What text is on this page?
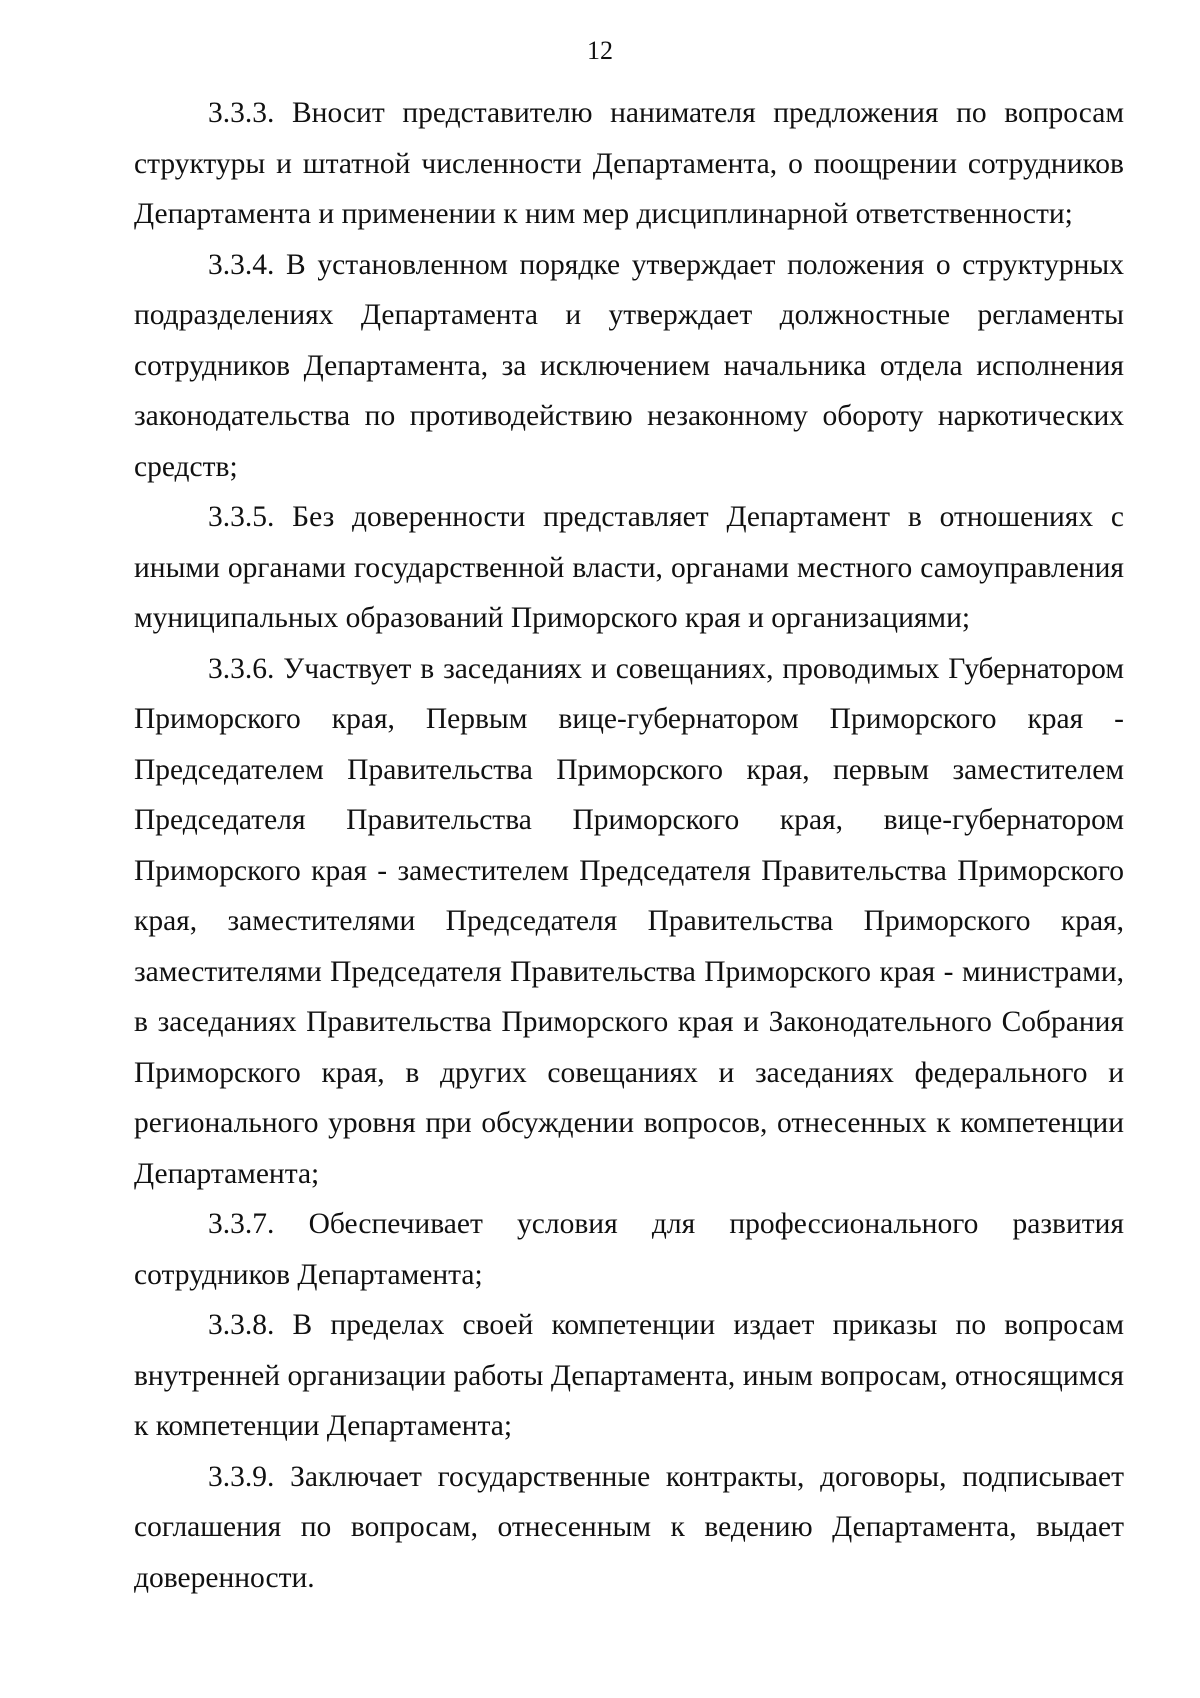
12

3.3.3. Вносит представителю нанимателя предложения по вопросам структуры и штатной численности Департамента, о поощрении сотрудников Департамента и применении к ним мер дисциплинарной ответственности;

3.3.4. В установленном порядке утверждает положения о структурных подразделениях Департамента и утверждает должностные регламенты сотрудников Департамента, за исключением начальника отдела исполнения законодательства по противодействию незаконному обороту наркотических средств;

3.3.5. Без доверенности представляет Департамент в отношениях с иными органами государственной власти, органами местного самоуправления муниципальных образований Приморского края и организациями;

3.3.6. Участвует в заседаниях и совещаниях, проводимых Губернатором Приморского края, Первым вице-губернатором Приморского края - Председателем Правительства Приморского края, первым заместителем Председателя Правительства Приморского края, вице-губернатором Приморского края - заместителем Председателя Правительства Приморского края, заместителями Председателя Правительства Приморского края, заместителями Председателя Правительства Приморского края - министрами, в заседаниях Правительства Приморского края и Законодательного Собрания Приморского края, в других совещаниях и заседаниях федерального и регионального уровня при обсуждении вопросов, отнесенных к компетенции Департамента;

3.3.7. Обеспечивает условия для профессионального развития сотрудников Департамента;

3.3.8. В пределах своей компетенции издает приказы по вопросам внутренней организации работы Департамента, иным вопросам, относящимся к компетенции Департамента;

3.3.9. Заключает государственные контракты, договоры, подписывает соглашения по вопросам, отнесенным к ведению Департамента, выдает доверенности.
